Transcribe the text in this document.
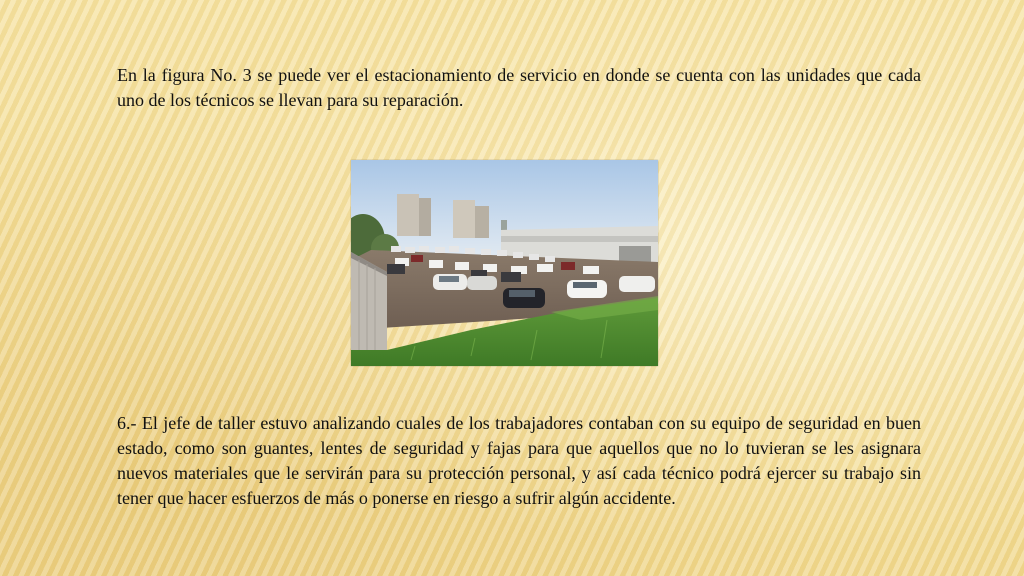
En la figura No. 3 se puede ver el estacionamiento de servicio en donde se cuenta con las unidades que cada uno de los técnicos se llevan para su reparación.

6.- El jefe de taller estuvo analizando cuales de los trabajadores contaban con su equipo de seguridad en buen estado, como son guantes, lentes de seguridad y fajas para que aquellos que no lo tuvieran se les asignara nuevos materiales que le servirán para su protección personal, y así cada técnico podrá ejercer su trabajo sin tener que hacer esfuerzos de más o ponerse en riesgo a sufrir algún accidente.
